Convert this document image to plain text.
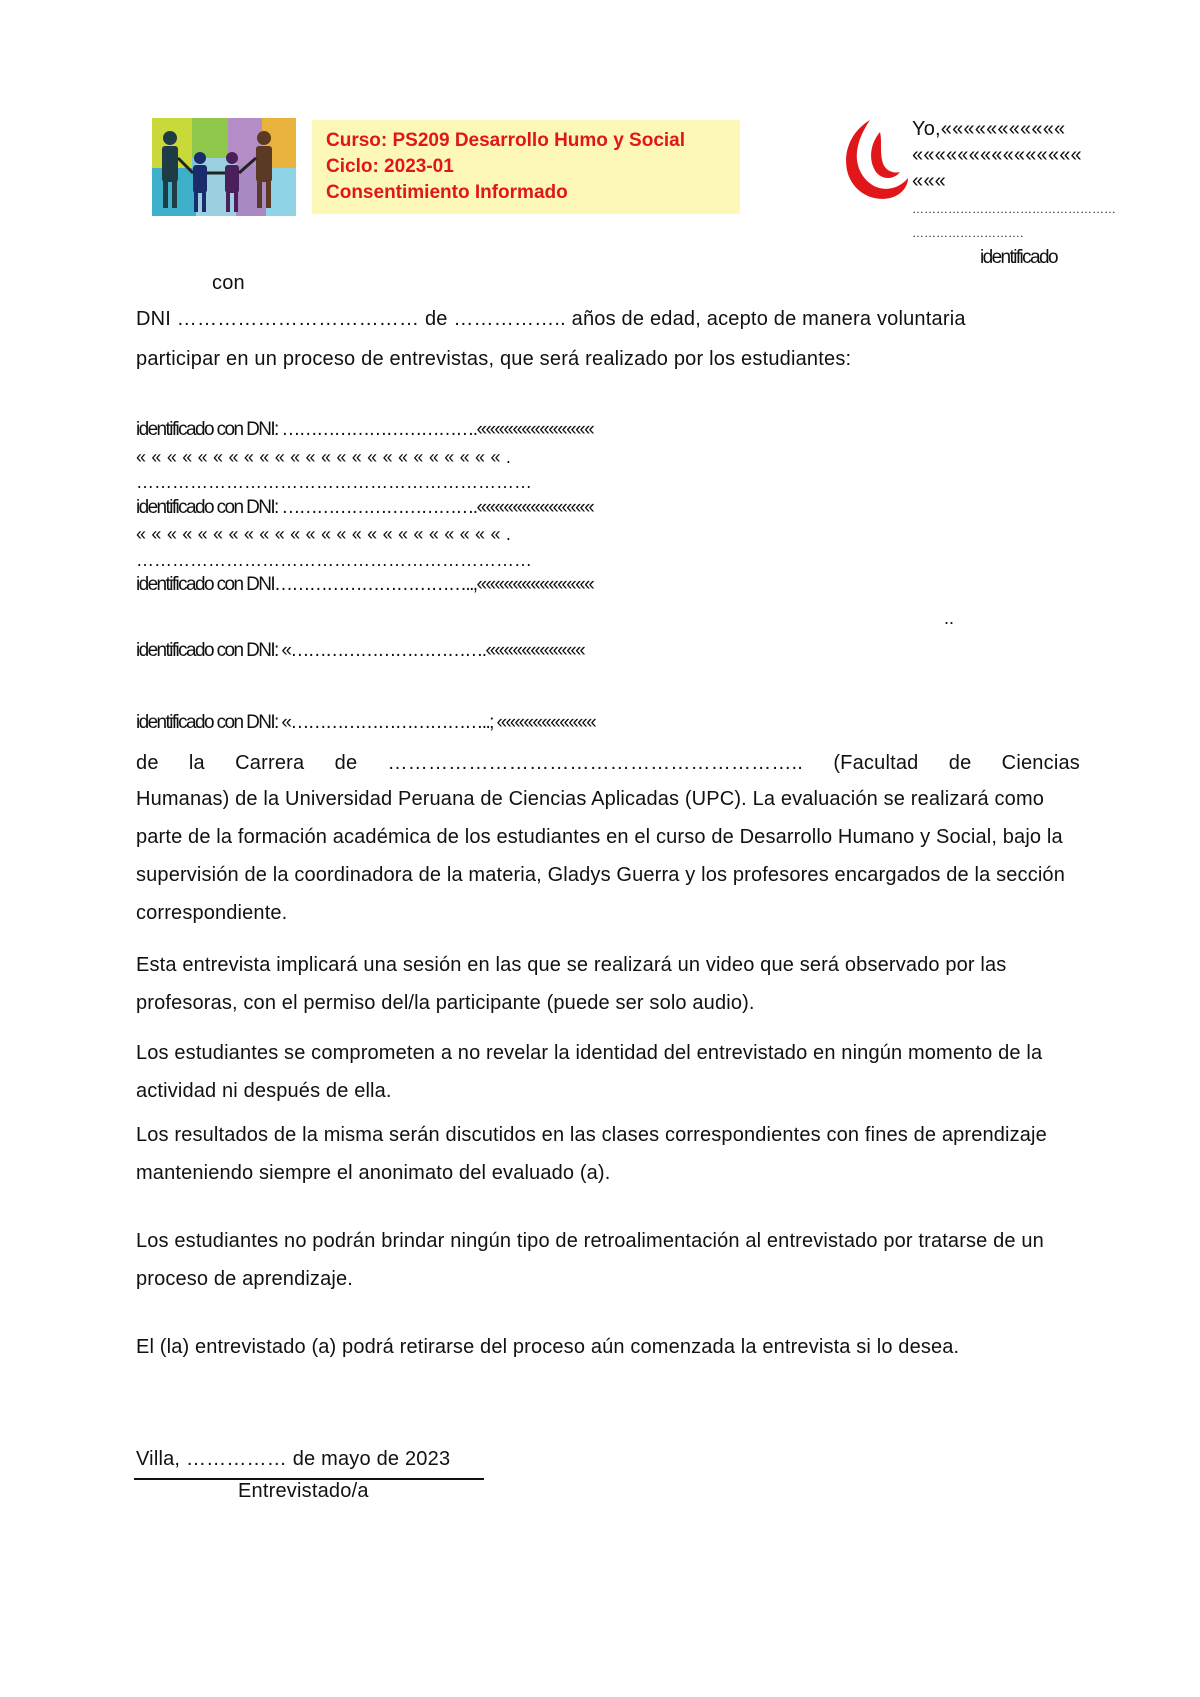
Curso: PS209 Desarrollo Humo y Social
Ciclo: 2023-01
Consentimiento Informado
Yo,«««««««««««
«««««««««««««««
«««
……………………………………………
……………………….
identificado
con
DNI ……………………………… de …………….. años de edad, acepto de manera voluntaria
participar en un proceso de entrevistas, que será realizado por los estudiantes:
identificado con DNI: …………………………….«««««««««««««
« « « « « « « « « « « « « « « « « « « « « « « « .
…………………………………………………………
identificado con DNI: …………………………….«««««««««««««
« « « « « « « « « « « « « « « « « « « « « « « « .
…………………………………………………………
identificado con DNI……………………………..,«««««««««««««
..
identificado con DNI: «…………………………….«««««««««««
identificado con DNI: «……………………………..; «««««««««««
de la Carrera de …………………………………………………….. (Facultad de Ciencias
Humanas) de la Universidad Peruana de Ciencias Aplicadas (UPC). La evaluación se realizará como parte de la formación académica de los estudiantes en el curso de Desarrollo Humano y Social, bajo la supervisión de la coordinadora de la materia, Gladys Guerra y los profesores encargados de la sección correspondiente.
Esta entrevista implicará una sesión en las que se realizará un video que será observado por las profesoras, con el permiso del/la participante (puede ser solo audio).
Los estudiantes se comprometen a no revelar la identidad del entrevistado en ningún momento de la actividad ni después de ella.
Los resultados de la misma serán discutidos en las clases correspondientes con fines de aprendizaje manteniendo siempre el anonimato del evaluado (a).
Los estudiantes no podrán brindar ningún tipo de retroalimentación al entrevistado por tratarse de un proceso de aprendizaje.
El (la) entrevistado (a) podrá retirarse del proceso aún comenzada la entrevista si lo desea.
Villa, …………… de mayo de 2023
Entrevistado/a
